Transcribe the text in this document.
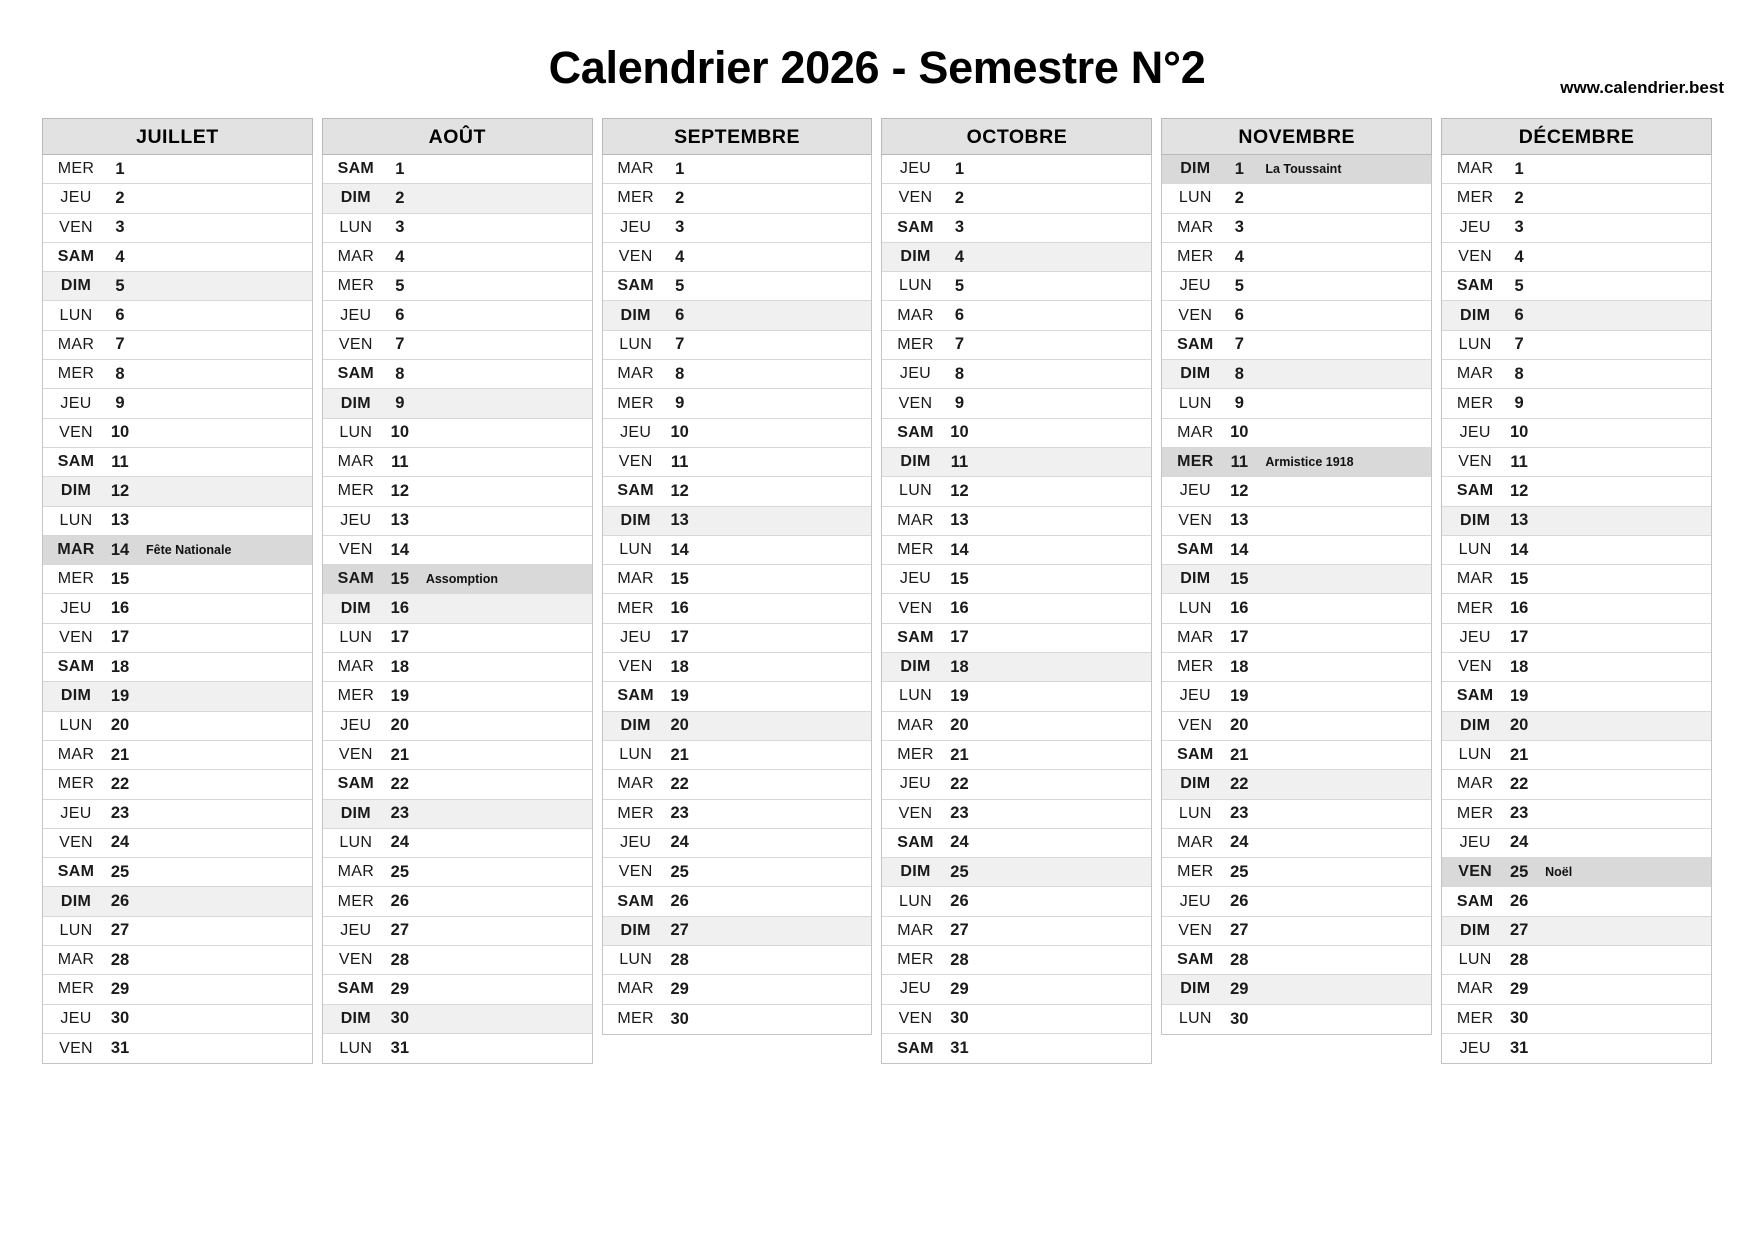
Calendrier 2026 - Semestre N°2	www.calendrier.best
JUILLET
MER	1
JEU	2
VEN	3
SAM	4
DIM	5
LUN	6
MAR	7
MER	8
JEU	9
VEN	10
SAM	11
DIM	12
LUN	13
MAR 14	Fête Nationale
MER	15
JEU	16
VEN	17
SAM	18
DIM	19
LUN	20
MAR	21
MER	22
JEU	23
VEN	24
SAM	25
DIM	26
LUN	27
MAR	28
MER	29
JEU	30
VEN	31
AOÛT
SAM	1
DIM	2
LUN	3
MAR	4
MER	5
JEU	6
VEN	7
SAM	8
DIM	9
LUN	10
MAR	11
MER	12
JEU	13
VEN	14
SAM	15	Assomption
DIM	16
LUN	17
MAR	18
MER	19
JEU	20
VEN	21
SAM	22
DIM	23
LUN	24
MAR	25
MER	26
JEU	27
VEN	28
SAM	29
DIM	30
LUN	31
SEPTEMBRE
MAR	1
MER	2
JEU	3
VEN	4
SAM	5
DIM	6
LUN	7
MAR	8
MER	9
JEU	10
VEN	11
SAM	12
DIM	13
LUN	14
MAR	15
MER	16
JEU	17
VEN	18
SAM	19
DIM	20
LUN	21
MAR	22
MER	23
JEU	24
VEN	25
SAM	26
DIM	27
LUN	28
MAR	29
MER	30
OCTOBRE
JEU	1
VEN	2
SAM	3
DIM	4
LUN	5
MAR	6
MER	7
JEU	8
VEN	9
SAM	10
DIM	11
LUN	12
MAR	13
MER	14
JEU	15
VEN	16
SAM	17
DIM	18
LUN	19
MAR	20
MER	21
JEU	22
VEN	23
SAM	24
DIM	25
LUN	26
MAR	27
MER	28
JEU	29
VEN	30
SAM	31
NOVEMBRE
DIM	1	La Toussaint
LUN	2
MAR	3
MER	4
JEU	5
VEN	6
SAM	7
DIM	8
LUN	9
MAR	10
MER	11	Armistice 1918
JEU	12
VEN	13
SAM	14
DIM	15
LUN	16
MAR	17
MER	18
JEU	19
VEN	20
SAM	21
DIM	22
LUN	23
MAR	24
MER	25
JEU	26
VEN	27
SAM	28
DIM	29
LUN	30
DÉCEMBRE
MAR	1
MER	2
JEU	3
VEN	4
SAM	5
DIM	6
LUN	7
MAR	8
MER	9
JEU	10
VEN	11
SAM	12
DIM	13
LUN	14
MAR	15
MER	16
JEU	17
VEN	18
SAM	19
DIM	20
LUN	21
MAR	22
MER	23
JEU	24
VEN	25	Noël
SAM	26
DIM	27
LUN	28
MAR	29
MER	30
JEU	31
